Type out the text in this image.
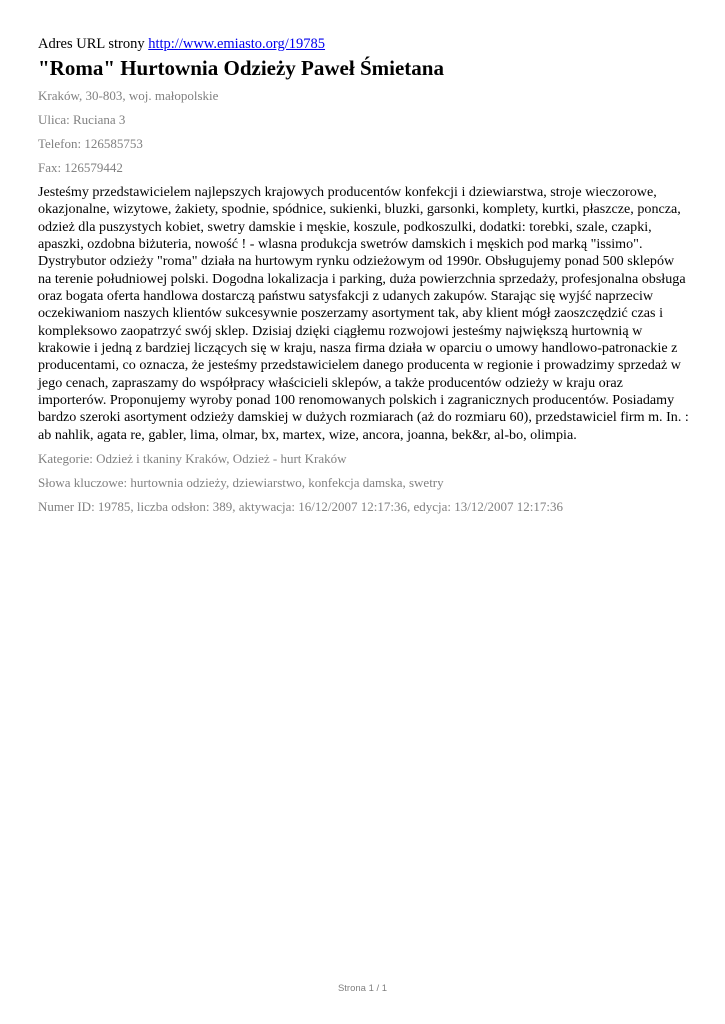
Adres URL strony http://www.emiasto.org/19785
"Roma" Hurtownia Odzieży Paweł Śmietana
Kraków, 30-803, woj. małopolskie
Ulica: Ruciana 3
Telefon: 126585753
Fax: 126579442
Jesteśmy przedstawicielem najlepszych krajowych producentów konfekcji i dziewiarstwa, stroje wieczorowe, okazjonalne, wizytowe, żakiety, spodnie, spódnice, sukienki, bluzki, garsonki, komplety, kurtki, płaszcze, poncza, odzież dla puszystych kobiet, swetry damskie i męskie, koszule, podkoszulki, dodatki: torebki, szale, czapki, apaszki, ozdobna biżuteria, nowość ! - wlasna produkcja swetrów damskich i męskich pod marką "issimo". Dystrybutor odzieży "roma" działa na hurtowym rynku odzieżowym od 1990r. Obsługujemy ponad 500 sklepów na terenie południowej polski. Dogodna lokalizacja i parking, duża powierzchnia sprzedaży, profesjonalna obsługa oraz bogata oferta handlowa dostarczą państwu satysfakcji z udanych zakupów. Starając się wyjść naprzeciw oczekiwaniom naszych klientów sukcesywnie poszerzamy asortyment tak, aby klient mógł zaoszczędzić czas i kompleksowo zaopatrzyć swój sklep. Dzisiaj dzięki ciągłemu rozwojowi jesteśmy największą hurtownią w krakowie i jedną z bardziej liczących się w kraju, nasza firma działa w oparciu o umowy handlowo-patronackie z producentami, co oznacza, że jesteśmy przedstawicielem danego producenta w regionie i prowadzimy sprzedaż w jego cenach, zapraszamy do współpracy właścicieli sklepów, a także producentów odzieży w kraju oraz importerów. Proponujemy wyroby ponad 100 renomowanych polskich i zagranicznych producentów. Posiadamy bardzo szeroki asortyment odzieży damskiej w dużych rozmiarach (aż do rozmiaru 60), przedstawiciel firm m. In. : ab nahlik, agata re, gabler, lima, olmar, bx, martex, wize, ancora, joanna, bek&r, al-bo, olimpia.
Kategorie: Odzież i tkaniny Kraków, Odzież - hurt Kraków
Słowa kluczowe: hurtownia odzieży, dziewiarstwo, konfekcja damska, swetry
Numer ID: 19785, liczba odsłon: 389, aktywacja: 16/12/2007 12:17:36, edycja: 13/12/2007 12:17:36
Strona 1 / 1
